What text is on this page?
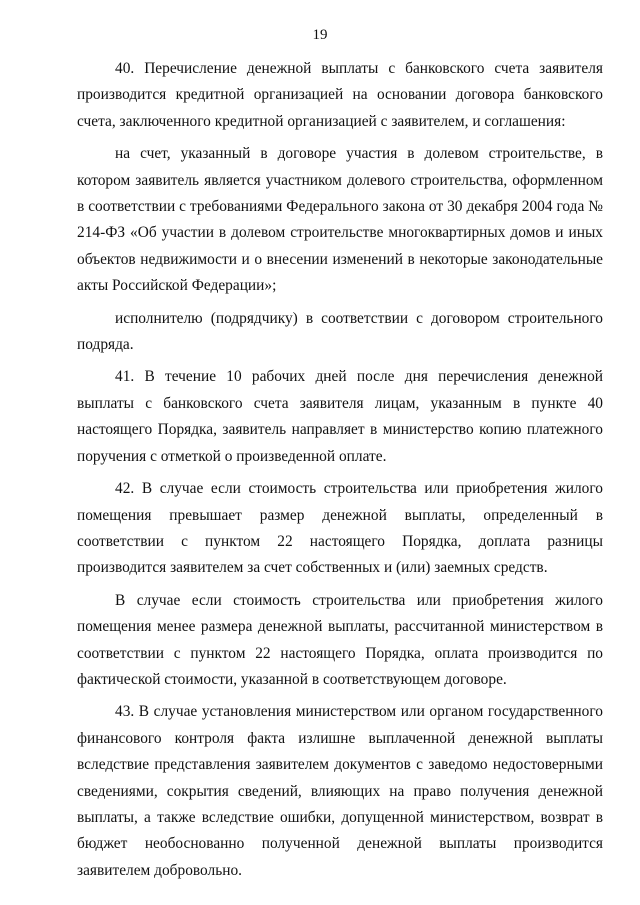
19

40. Перечисление денежной выплаты с банковского счета заявителя производится кредитной организацией на основании договора банковского счета, заключенного кредитной организацией с заявителем, и соглашения:

на счет, указанный в договоре участия в долевом строительстве, в котором заявитель является участником долевого строительства, оформленном в соответствии с требованиями Федерального закона от 30 декабря 2004 года № 214-ФЗ «Об участии в долевом строительстве многоквартирных домов и иных объектов недвижимости и о внесении изменений в некоторые законодательные акты Российской Федерации»;

исполнителю (подрядчику) в соответствии с договором строительного подряда.

41. В течение 10 рабочих дней после дня перечисления денежной выплаты с банковского счета заявителя лицам, указанным в пункте 40 настоящего Порядка, заявитель направляет в министерство копию платежного поручения с отметкой о произведенной оплате.

42. В случае если стоимость строительства или приобретения жилого помещения превышает размер денежной выплаты, определенный в соответствии с пунктом 22 настоящего Порядка, доплата разницы производится заявителем за счет собственных и (или) заемных средств.

В случае если стоимость строительства или приобретения жилого помещения менее размера денежной выплаты, рассчитанной министерством в соответствии с пунктом 22 настоящего Порядка, оплата производится по фактической стоимости, указанной в соответствующем договоре.

43. В случае установления министерством или органом государственного финансового контроля факта излишне выплаченной денежной выплаты вследствие представления заявителем документов с заведомо недостоверными сведениями, сокрытия сведений, влияющих на право получения денежной выплаты, а также вследствие ошибки, допущенной министерством, возврат в бюджет необоснованно полученной денежной выплаты производится заявителем добровольно.
